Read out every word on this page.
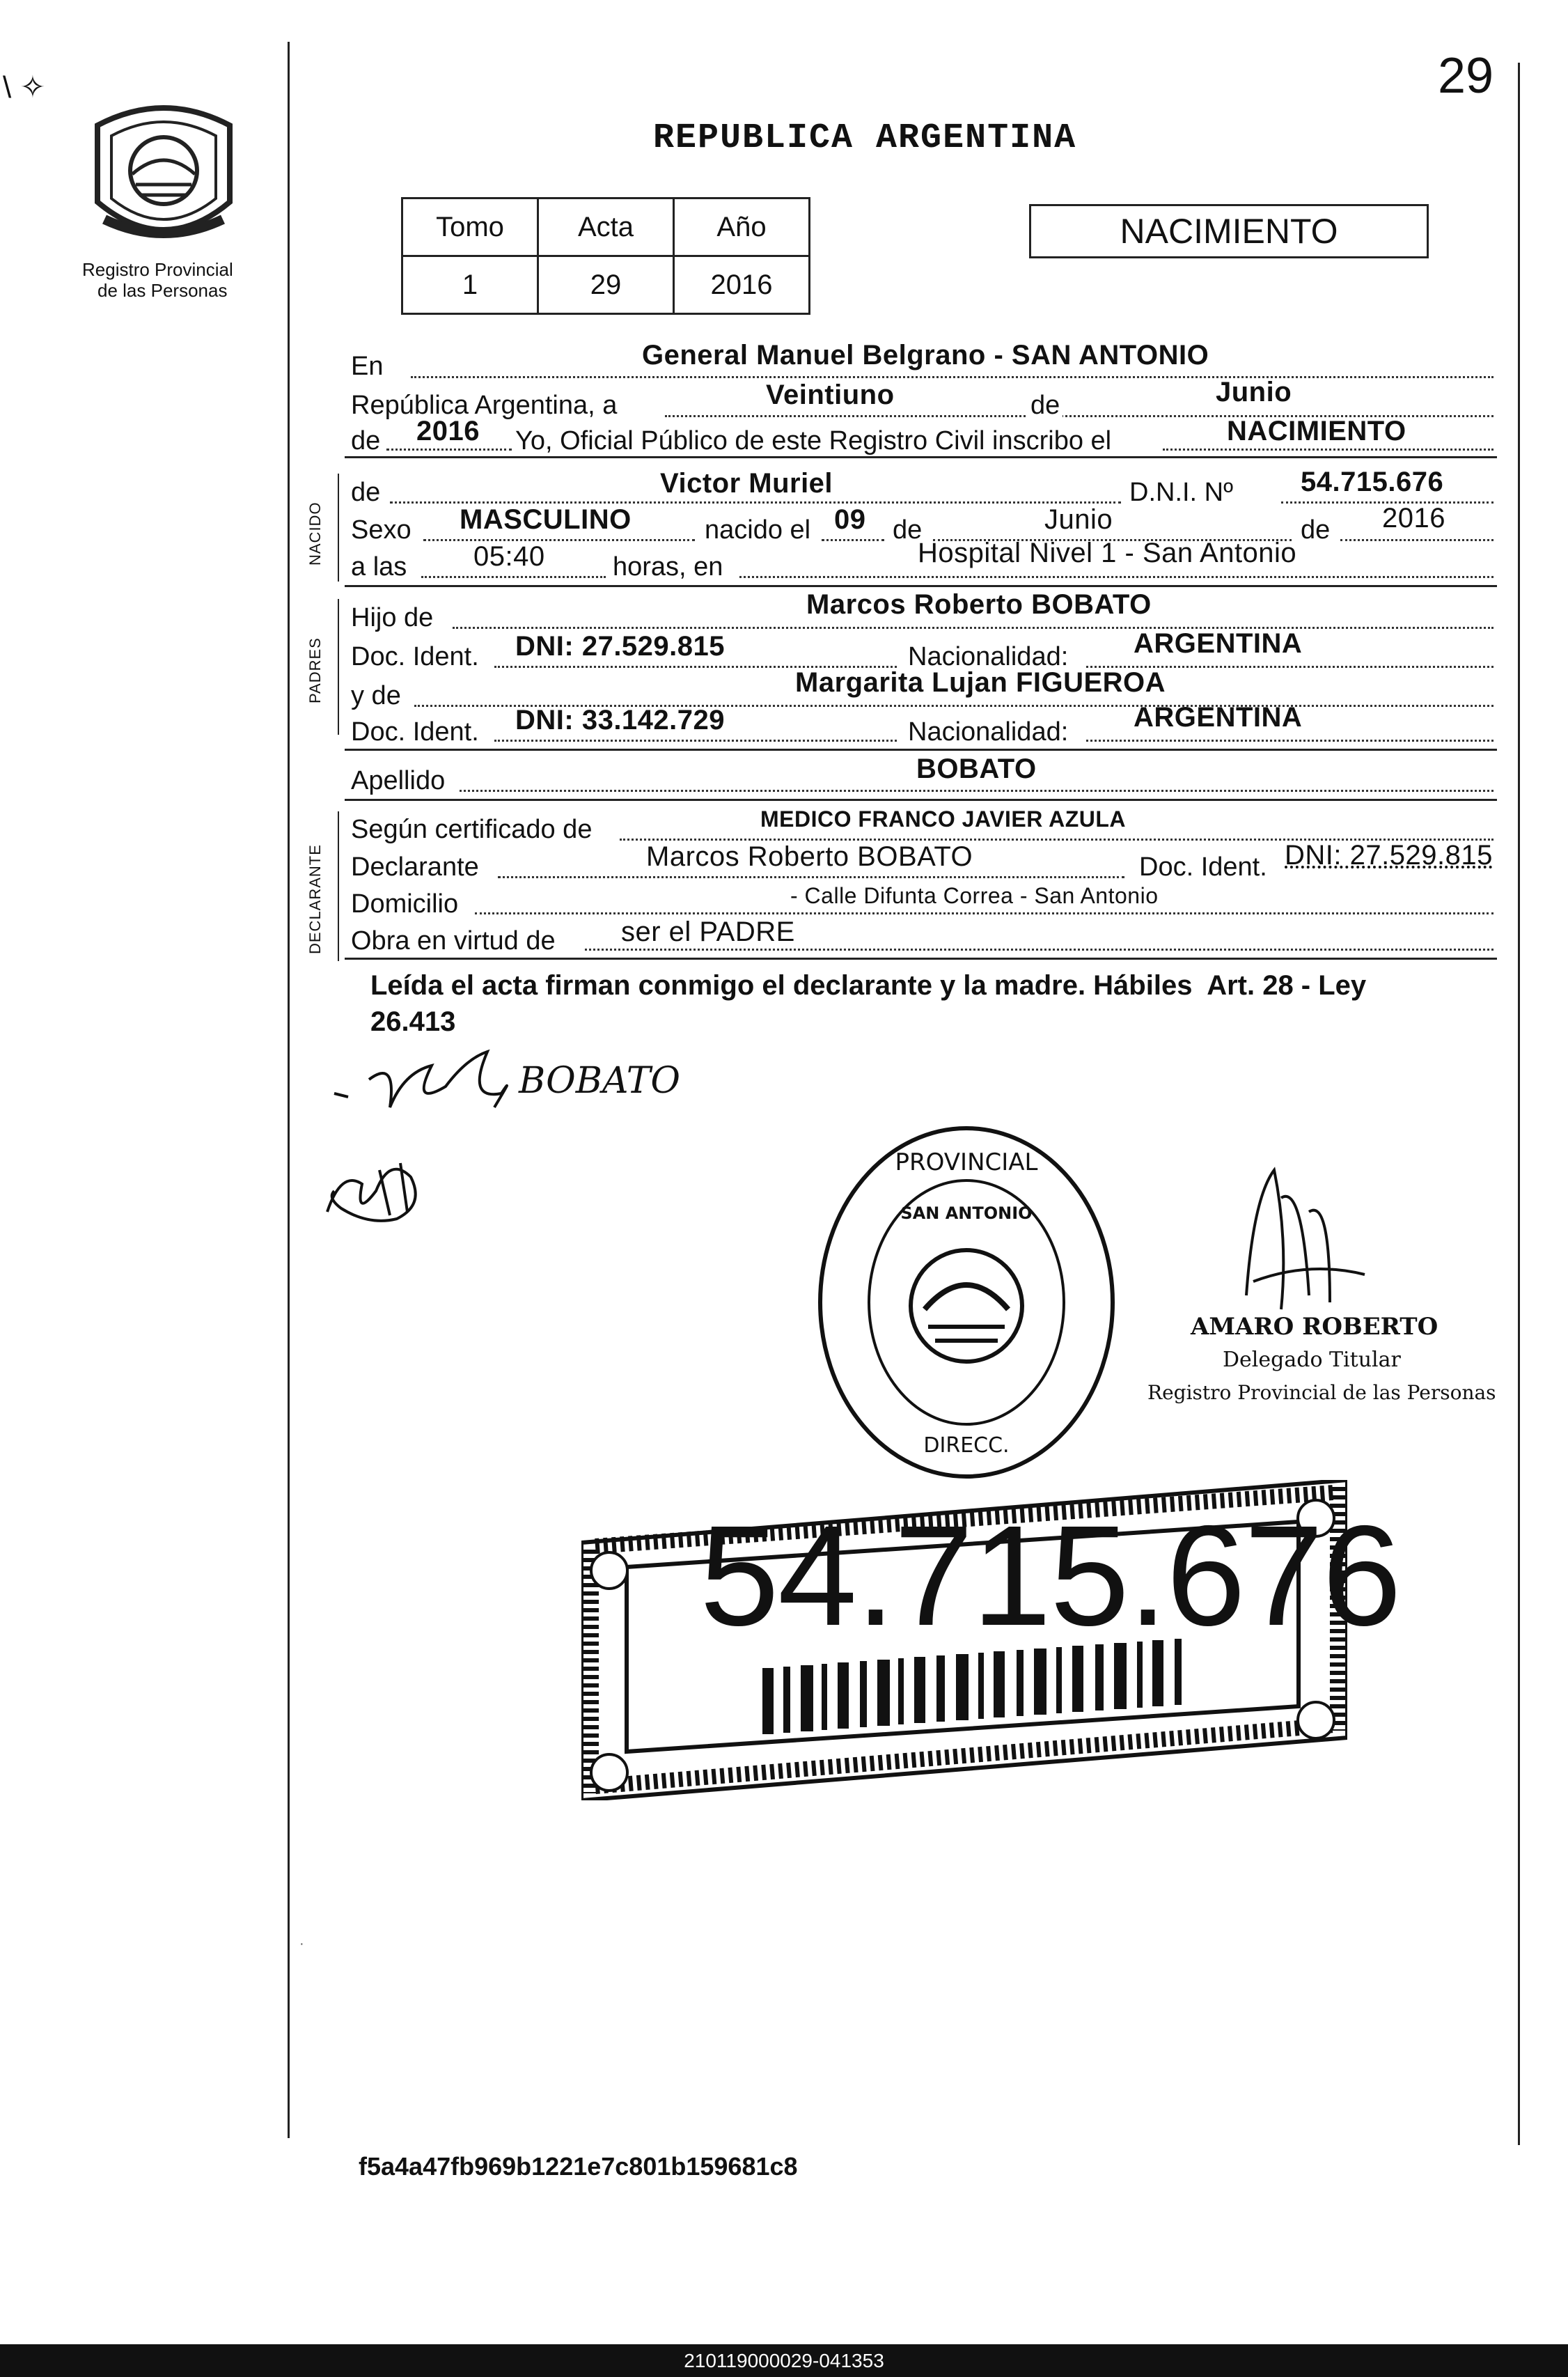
\ ✧	29
Registro Provincial
de las Personas
REPUBLICA ARGENTINA
Tomo	Acta	Año
1	29	2016
NACIMIENTO
NACIDO
PADRES
DECLARANTE
En	General Manuel Belgrano - SAN ANTONIO
República Argentina, a	Veintiuno	de	Junio
de 2016 Yo, Oficial Público de este Registro Civil inscribo el	NACIMIENTO
de	Victor Muriel	D.N.I. Nº 54.715.676
Sexo MASCULINO	nacido el 09 de	Junio	de 2016
a las 05:40	horas, en	Hospital Nivel 1 - San Antonio
Hijo de	Marcos Roberto BOBATO
Doc. Ident. DNI: 27.529.815	Nacionalidad: ARGENTINA
y de	Margarita Lujan FIGUEROA
Doc. Ident. DNI: 33.142.729	Nacionalidad: ARGENTINA
Apellido	BOBATO
Según certificado de	MEDICO FRANCO JAVIER AZULA
Declarante	Marcos Roberto BOBATO	Doc. Ident. DNI: 27.529.815
Domicilio	- Calle Difunta Correa - San Antonio
Obra en virtud de ser el PADRE
Leída el acta firman conmigo el declarante y la madre. Hábiles  Art. 28 - Ley
26.413
BOBATO
PROVINCIAL
DIRECC.
SAN ANTONIO
AMARO ROBERTO
Delegado Titular
Registro Provincial de las Personas
54.715.676
·
f5a4a47fb969b1221e7c801b159681c8
210119000029-041353
